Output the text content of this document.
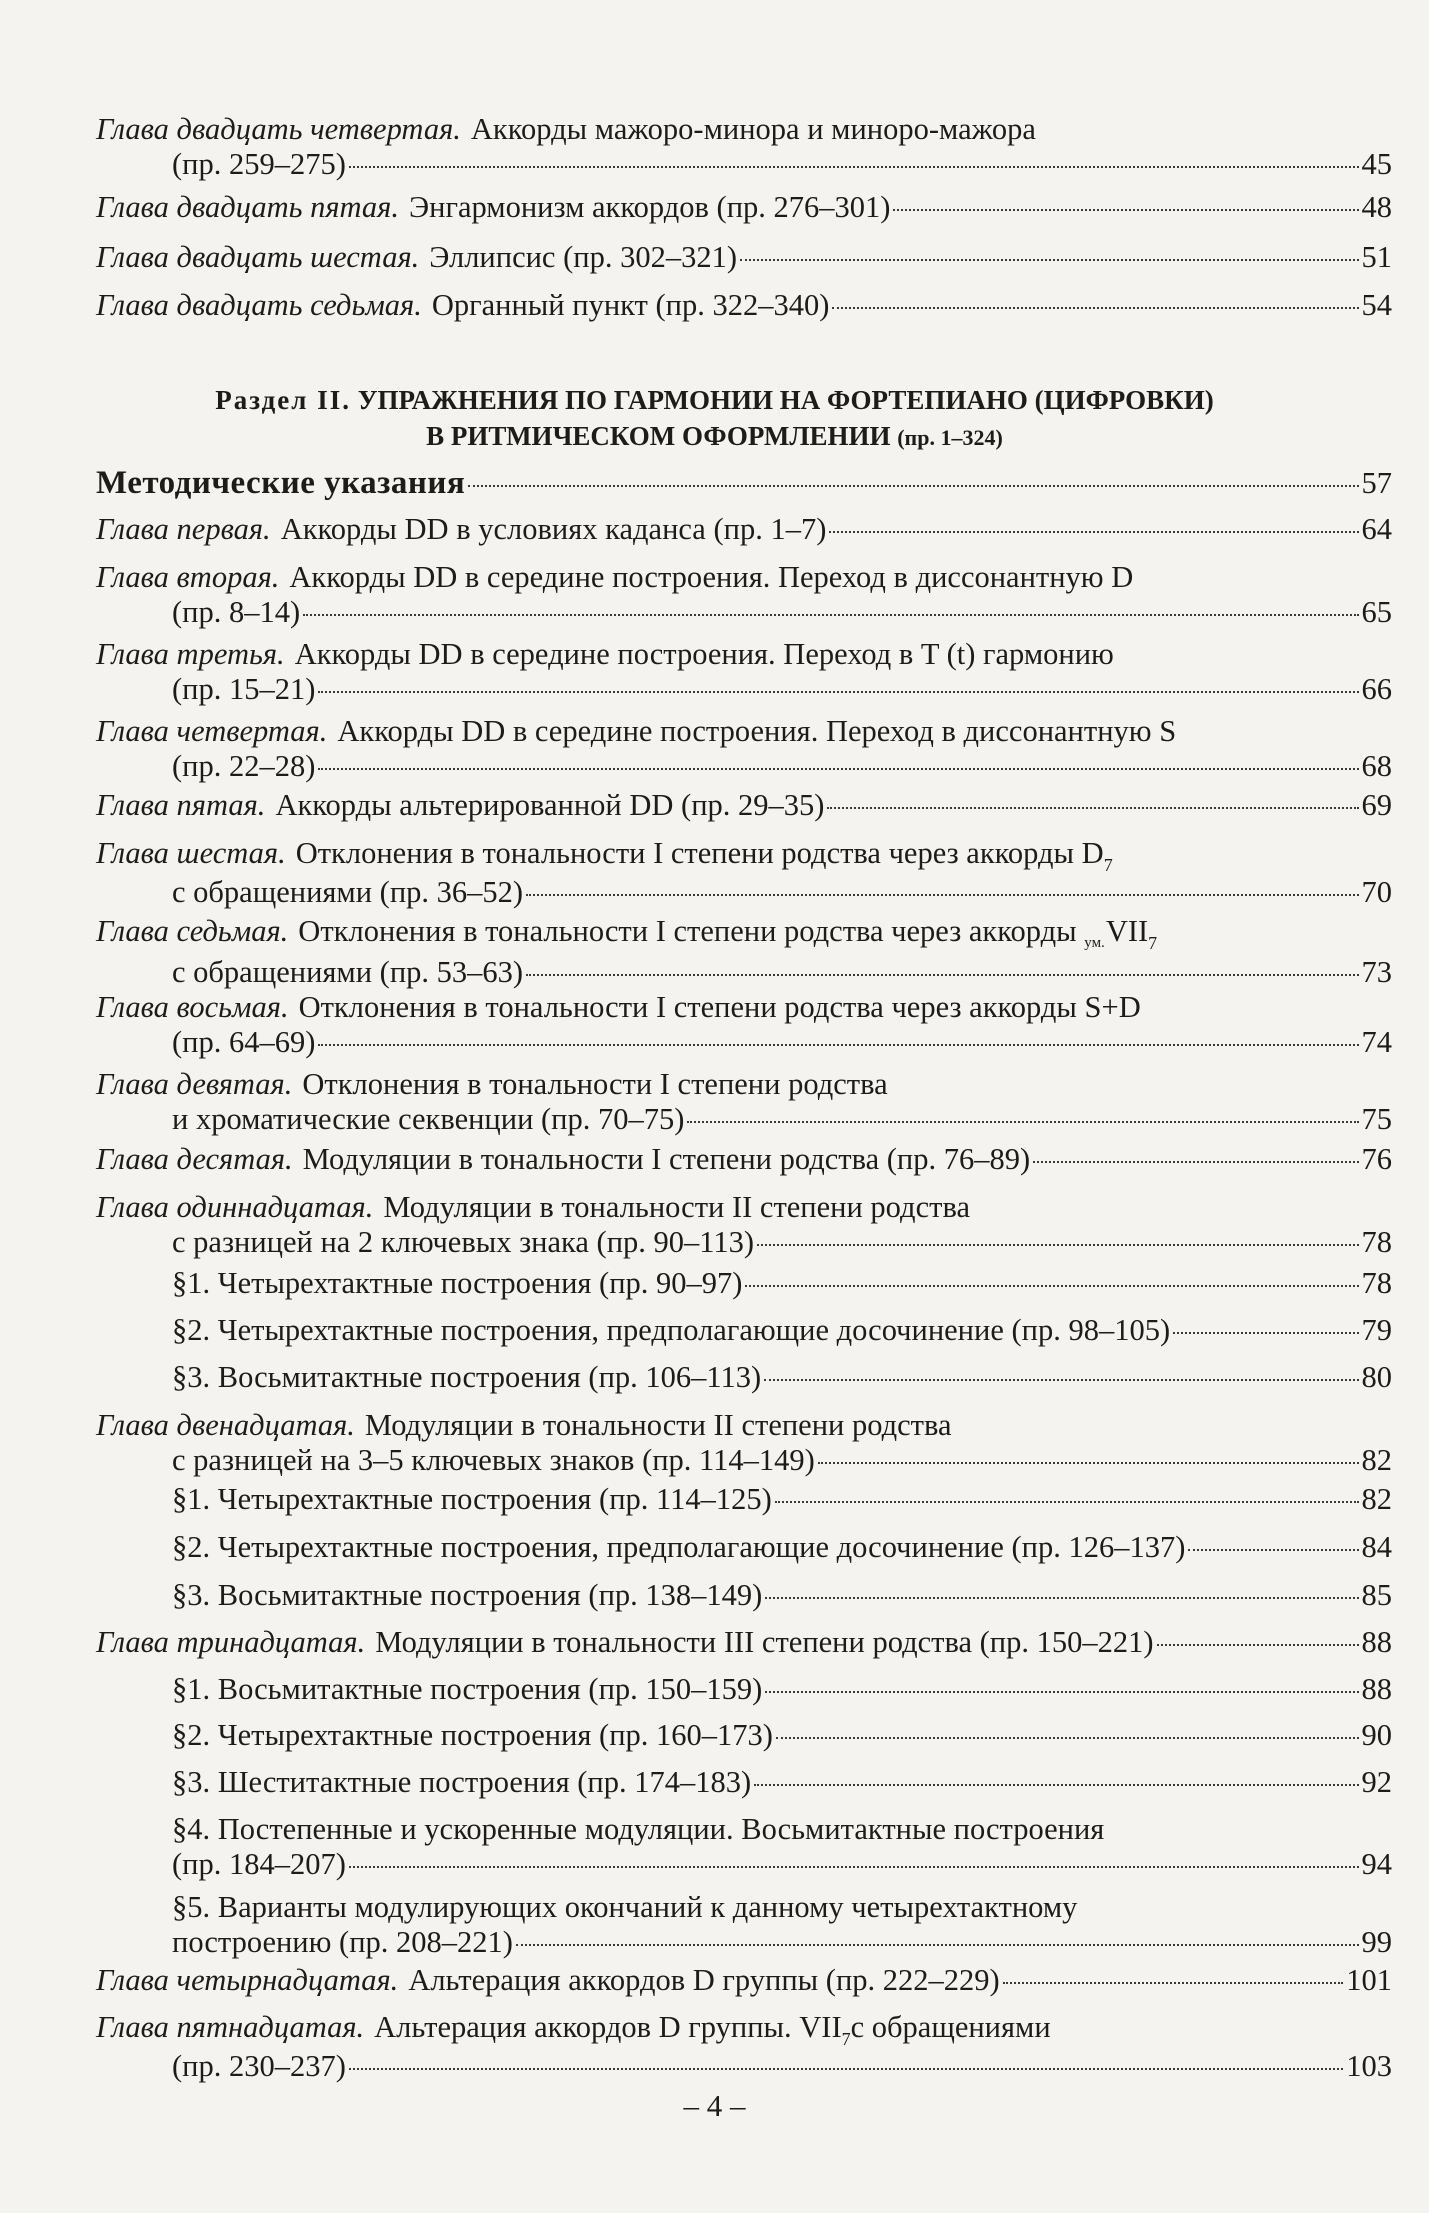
Глава двадцать четвертая. Аккорды мажоро-минора и миноро-мажора
(пр. 259–275)	45
Глава двадцать пятая. Энгармонизм аккордов (пр. 276–301)	48
Глава двадцать шестая. Эллипсис (пр. 302–321)	51
Глава двадцать седьмая. Органный пункт (пр. 322–340)	54
Раздел II. УПРАЖНЕНИЯ ПО ГАРМОНИИ НА ФОРТЕПИАНО (ЦИФРОВКИ)
В РИТМИЧЕСКОМ ОФОРМЛЕНИИ (пр. 1–324)
Методические указания	57
Глава первая. Аккорды DD в условиях каданса (пр. 1–7)	64
Глава вторая. Аккорды DD в середине построения. Переход в диссонантную D
(пр. 8–14)	65
Глава третья. Аккорды DD в середине построения. Переход в T (t) гармонию
(пр. 15–21)	66
Глава четвертая. Аккорды DD в середине построения. Переход в диссонантную S
(пр. 22–28)	68
Глава пятая. Аккорды альтерированной DD (пр. 29–35)	69
Глава шестая. Отклонения в тональности I степени родства через аккорды D 7
с обращениями (пр. 36–52)	70
Глава седьмая. Отклонения в тональности I степени родства через аккорды
ум. VII 7
с обращениями (пр. 53–63)	73
Глава восьмая. Отклонения в тональности I степени родства через аккорды S+D
(пр. 64–69)	74
Глава девятая. Отклонения в тональности I степени родства
и хроматические секвенции (пр. 70–75)	75
Глава десятая. Модуляции в тональности I степени родства (пр. 76–89)	76
Глава одиннадцатая. Модуляции в тональности II степени родства
с разницей на 2 ключевых знака (пр. 90–113)	78
§1. Четырехтактные построения (пр. 90–97)	78
§2. Четырехтактные построения, предполагающие досочинение (пр. 98–105)	79
§3. Восьмитактные построения (пр. 106–113)	80
Глава двенадцатая. Модуляции в тональности II степени родства
с разницей на 3–5 ключевых знаков (пр. 114–149)	82
§1. Четырехтактные построения (пр. 114–125)	82
§2. Четырехтактные построения, предполагающие досочинение (пр. 126–137)	84
§3. Восьмитактные построения (пр. 138–149)	85
Глава тринадцатая. Модуляции в тональности III степени родства (пр. 150–221)	88
§1. Восьмитактные построения (пр. 150–159)	88
§2. Четырехтактные построения (пр. 160–173)	90
§3. Шеститактные построения (пр. 174–183)	92
§4. Постепенные и ускоренные модуляции. Восьмитактные построения
(пр. 184–207)	94
§5. Варианты модулирующих окончаний к данному четырехтактному
построению (пр. 208–221)	99
Глава четырнадцатая. Альтерация аккордов D группы (пр. 222–229)	101
Глава пятнадцатая. Альтерация аккордов D группы. VII 7 с обращениями
(пр. 230–237)	103
– 4 –
